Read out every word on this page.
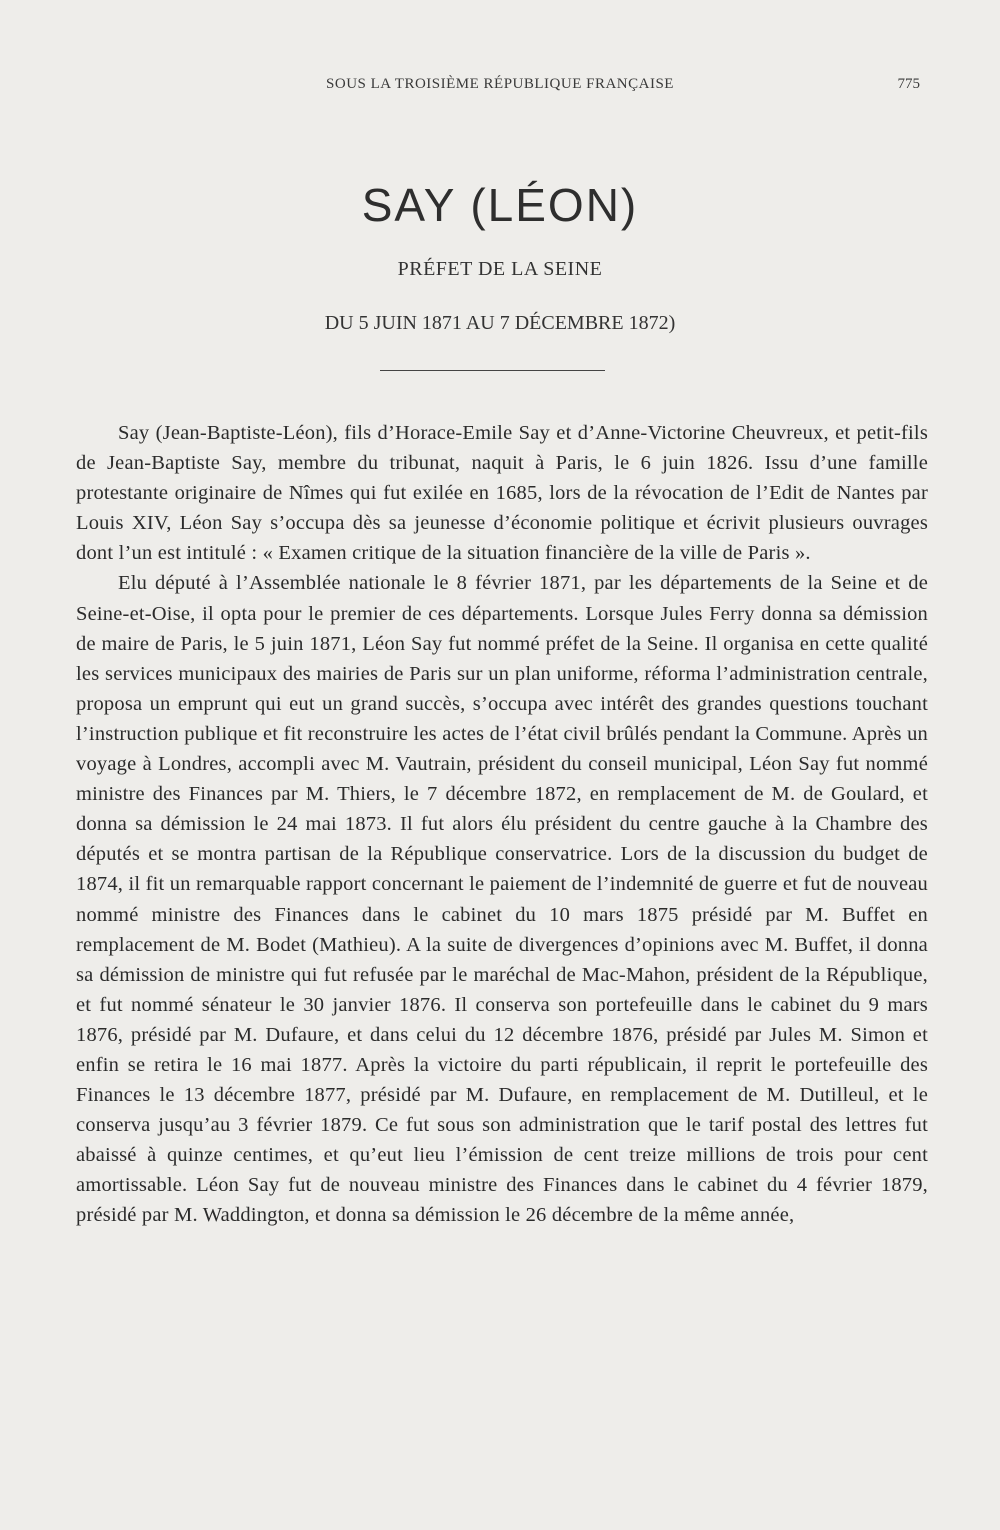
SOUS LA TROISIÈME RÉPUBLIQUE FRANÇAISE	775
SAY (LÉON)
PRÉFET DE LA SEINE
DU 5 JUIN 1871 AU 7 DÉCEMBRE 1872)

Say (Jean-Baptiste-Léon), fils d’Horace-Emile Say et d’Anne-Victorine Cheuvreux, et petit-fils de Jean-Baptiste Say, membre du tribunat, naquit à Paris, le 6 juin 1826. Issu d’une famille protestante originaire de Nîmes qui fut exilée en 1685, lors de la révocation de l’Edit de Nantes par Louis XIV, Léon Say s’occupa dès sa jeunesse d’économie politique et écrivit plusieurs ouvrages dont l’un est intitulé : « Examen critique de la situation financière de la ville de Paris ».

Elu député à l’Assemblée nationale le 8 février 1871, par les départements de la Seine et de Seine-et-Oise, il opta pour le premier de ces départements. Lorsque Jules Ferry donna sa démission de maire de Paris, le 5 juin 1871, Léon Say fut nommé préfet de la Seine. Il organisa en cette qualité les services municipaux des mairies de Paris sur un plan uniforme, réforma l’administration centrale, proposa un emprunt qui eut un grand succès, s’occupa avec intérêt des grandes questions touchant l’instruction publique et fit reconstruire les actes de l’état civil brûlés pendant la Commune. Après un voyage à Londres, accompli avec M. Vautrain, président du conseil municipal, Léon Say fut nommé ministre des Finances par M. Thiers, le 7 décembre 1872, en remplacement de M. de Goulard, et donna sa démission le 24 mai 1873. Il fut alors élu président du centre gauche à la Chambre des députés et se montra partisan de la République conservatrice. Lors de la discussion du budget de 1874, il fit un remarquable rapport concernant le paiement de l’indemnité de guerre et fut de nouveau nommé ministre des Finances dans le cabinet du 10 mars 1875 présidé par M. Buffet en remplacement de M. Bodet (Mathieu). A la suite de divergences d’opinions avec M. Buffet, il donna sa démission de ministre qui fut refusée par le maréchal de Mac-Mahon, président de la République, et fut nommé sénateur le 30 janvier 1876. Il conserva son portefeuille dans le cabinet du 9 mars 1876, présidé par M. Dufaure, et dans celui du 12 décembre 1876, présidé par Jules M. Simon et enfin se retira le 16 mai 1877. Après la victoire du parti républicain, il reprit le portefeuille des Finances le 13 décembre 1877, présidé par M. Dufaure, en remplacement de M. Dutilleul, et le conserva jusqu’au 3 février 1879. Ce fut sous son administration que le tarif postal des lettres fut abaissé à quinze centimes, et qu’eut lieu l’émission de cent treize millions de trois pour cent amortissable. Léon Say fut de nouveau ministre des Finances dans le cabinet du 4 février 1879, présidé par M. Waddington, et donna sa démission le 26 décembre de la même année,
